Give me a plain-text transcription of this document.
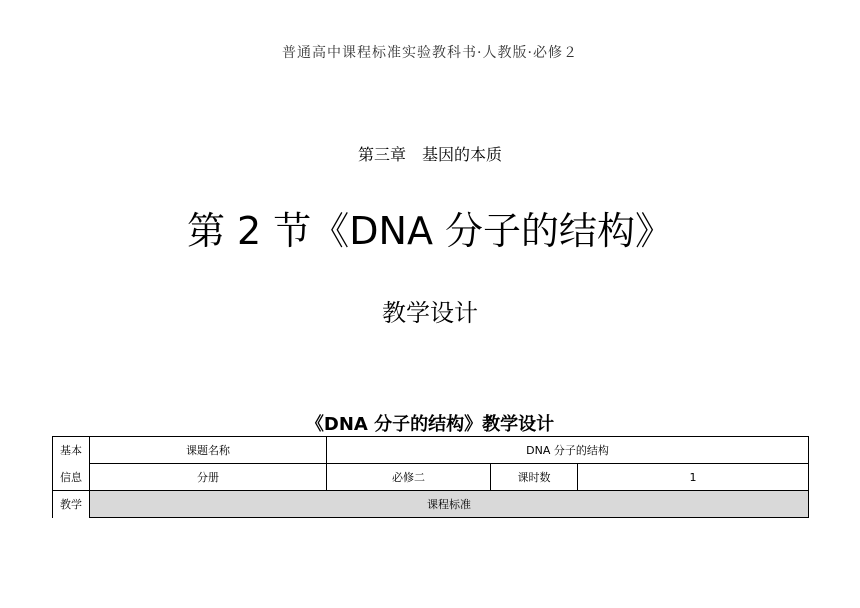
普通高中课程标准实验教科书·人教版·必修２
第三章　基因的本质
第 2 节《DNA 分子的结构》
教学设计
《DNA 分子的结构》教学设计
基本	课题名称	DNA 分子的结构		
信息	分册	必修二	课时数	1
教学	课程标准			
